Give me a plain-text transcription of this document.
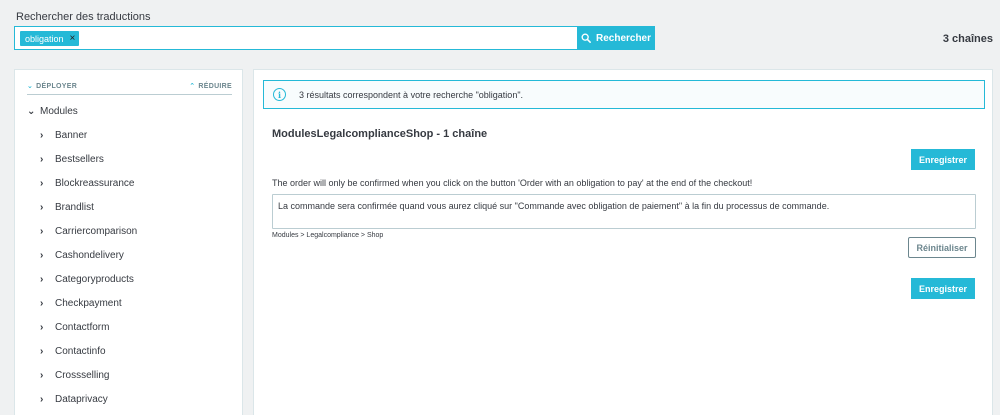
Rechercher des traductions
obligation ×	Rechercher	3 chaînes
⌄ DÉPLOYER	⌃ RÉDUIRE
⌄ Modules
› Banner
› Bestsellers
› Blockreassurance
› Brandlist
› Carriercomparison
› Cashondelivery
› Categoryproducts
› Checkpayment
› Contactform
› Contactinfo
› Crossselling
› Dataprivacy
i	3 résultats correspondent à votre recherche "obligation".
ModulesLegalcomplianceShop - 1 chaîne
Enregistrer
The order will only be confirmed when you click on the button 'Order with an obligation to pay' at the end of the checkout!
La commande sera confirmée quand vous aurez cliqué sur "Commande avec obligation de paiement" à la fin du processus de commande.
Modules > Legalcompliance > Shop
Réinitialiser
Enregistrer
